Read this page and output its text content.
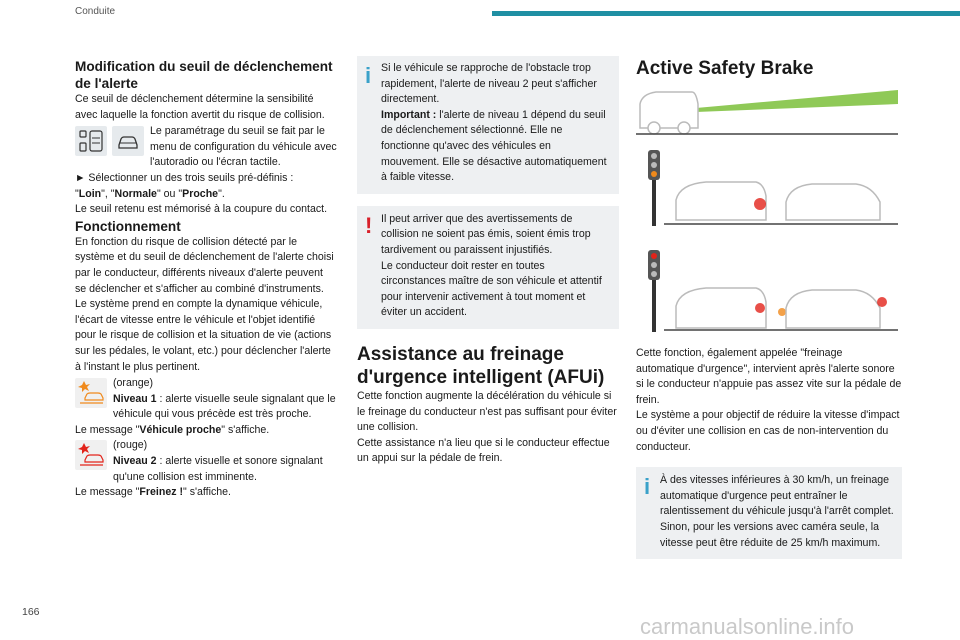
Conduite
166

Modification du seuil de déclenchement de l'alerte

Ce seuil de déclenchement détermine la sensibilité avec laquelle la fonction avertit du risque de collision.

Le paramétrage du seuil se fait par le menu de configuration du véhicule avec l'autoradio ou l'écran tactile.

► Sélectionner un des trois seuils pré-définis :
"Loin", "Normale" ou "Proche".

Le seuil retenu est mémorisé à la coupure du contact.

Fonctionnement

En fonction du risque de collision détecté par le système et du seuil de déclenchement de l'alerte choisi par le conducteur, différents niveaux d'alerte peuvent se déclencher et s'afficher au combiné d'instruments.

Le système prend en compte la dynamique véhicule, l'écart de vitesse entre le véhicule et l'objet identifié pour le risque de collision et la situation de vie (actions sur les pédales, le volant, etc.) pour déclencher l'alerte à l'instant le plus pertinent.

(orange)

Niveau 1 : alerte visuelle seule signalant que le véhicule qui vous précède est très proche.

Le message "Véhicule proche" s'affiche.

(rouge)

Niveau 2 : alerte visuelle et sonore signalant qu'une collision est imminente.

Le message "Freinez !" s'affiche.

i Si le véhicule se rapproche de l'obstacle trop rapidement, l'alerte de niveau 2 peut s'afficher directement.

Important : l'alerte de niveau 1 dépend du seuil de déclenchement sélectionné. Elle ne fonctionne qu'avec des véhicules en mouvement. Elle se désactive automatiquement à faible vitesse.

! Il peut arriver que des avertissements de collision ne soient pas émis, soient émis trop tardivement ou paraissent injustifiés.

Le conducteur doit rester en toutes circonstances maître de son véhicule et attentif pour intervenir activement à tout moment et éviter un accident.

Assistance au freinage d'urgence intelligent (AFUi)

Cette fonction augmente la décélération du véhicule si le freinage du conducteur n'est pas suffisant pour éviter une collision.

Cette assistance n'a lieu que si le conducteur effectue un appui sur la pédale de frein.

Active Safety Brake

Cette fonction, également appelée "freinage automatique d'urgence", intervient après l'alerte sonore si le conducteur n'appuie pas assez vite sur la pédale de frein.

Le système a pour objectif de réduire la vitesse d'impact ou d'éviter une collision en cas de non-intervention du conducteur.

i À des vitesses inférieures à 30 km/h, un freinage automatique d'urgence peut entraîner le ralentissement du véhicule jusqu'à l'arrêt complet.

Sinon, pour les versions avec caméra seule, la vitesse peut être réduite de 25 km/h maximum.

carmanualsonline.info
